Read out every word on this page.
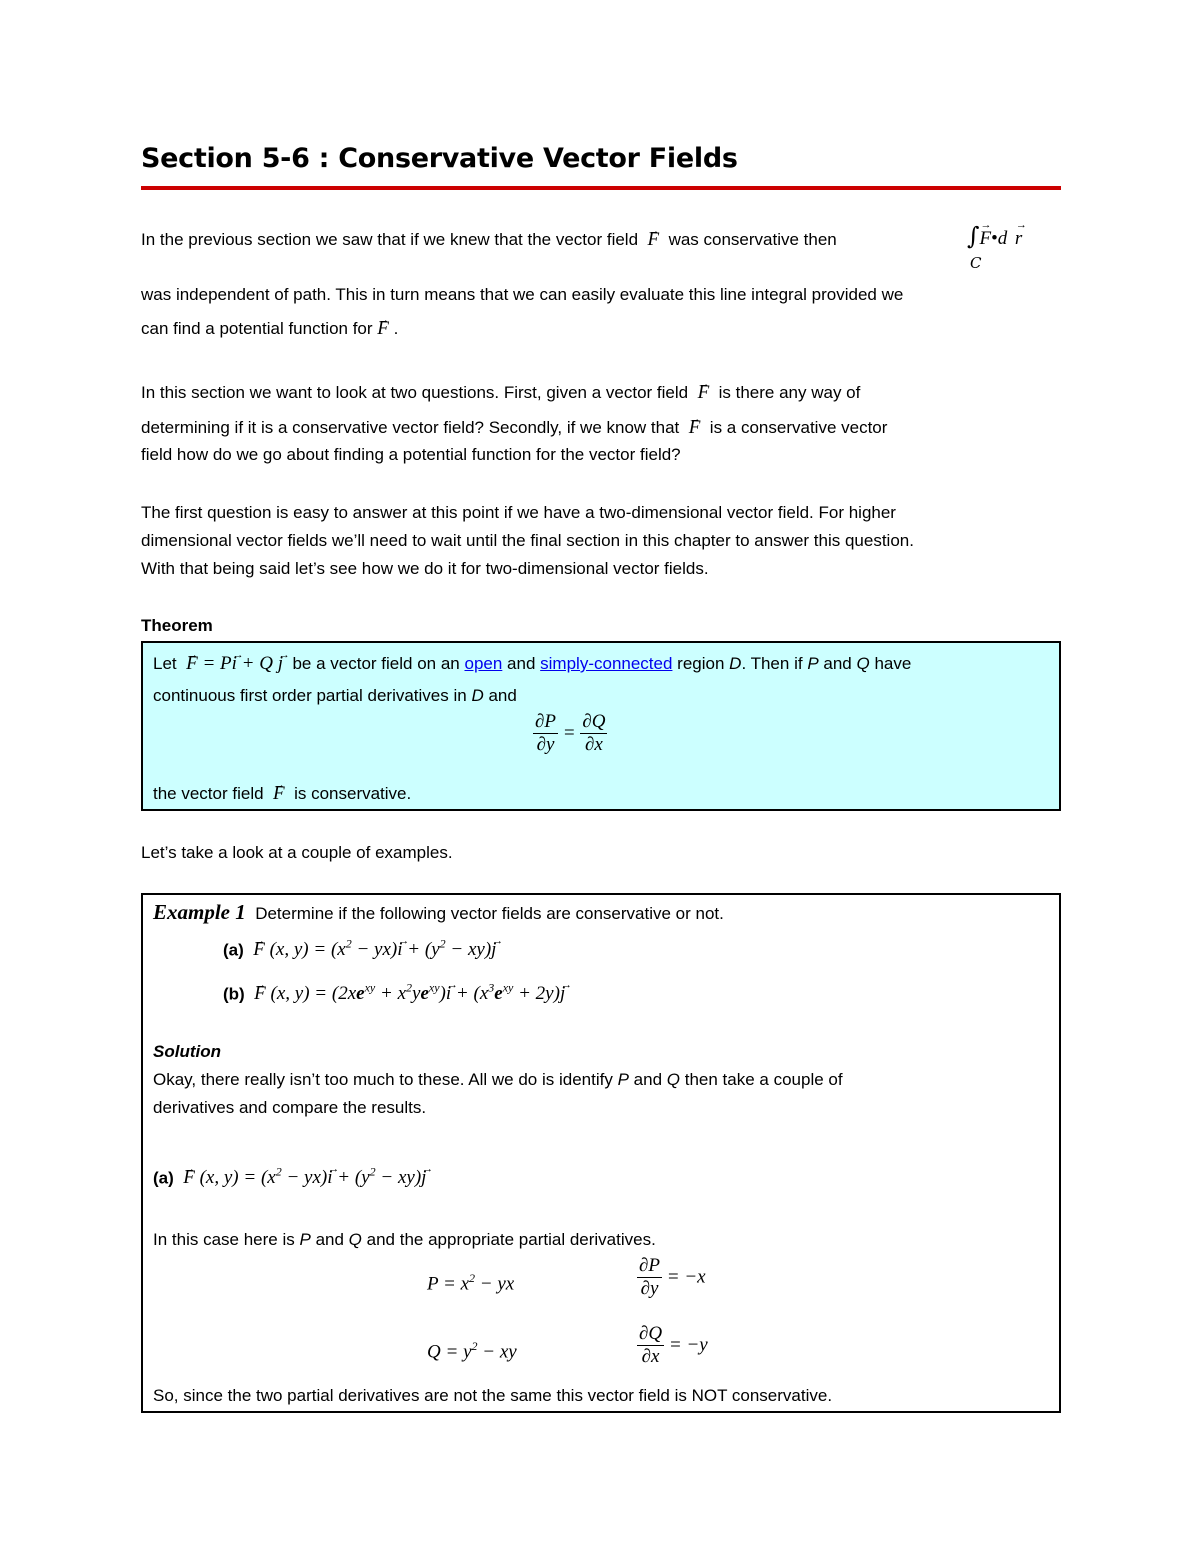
Section 5-6 : Conservative Vector Fields
In the previous section we saw that if we knew that the vector field → F was conservative then	∫→ F•d → r
C
was independent of path. This in turn means that we can easily evaluate this line integral provided we
can find a potential function for → F .
In this section we want to look at two questions. First, given a vector field → F is there any way of
determining if it is a conservative vector field? Secondly, if we know that → F is a conservative vector
field how do we go about finding a potential function for the vector field?
The first question is easy to answer at this point if we have a two-dimensional vector field. For higher
dimensional vector fields we’ll need to wait until the final section in this chapter to answer this question.
With that being said let’s see how we do it for two-dimensional vector fields.
Theorem
Let → F = P→ i + Q → j be a vector field on an open and simply-connected region D. Then if P and Q have
continuous first order partial derivatives in D and
$\frac{\partial P}{\partial y} = \frac{\partial Q}{\partial x}$
the vector field → F is conservative.
Let’s take a look at a couple of examples.
Example 1 Determine if the following vector fields are conservative or not.
(a) → F (x, $y) = (x^2 - yx)\to i + (y^2 - xy)\to j$
(b) → F (x, $y) = (2xe^{xy} + x^2ye^{xy})\to i + (x^3e^{xy} + 2y)\to j$
Solution
Okay, there really isn’t too much to these. All we do is identify P and Q then take a couple of
derivatives and compare the results.
(a) → F (x, $y) = (x^2 - yx)\to i + (y^2 - xy)\to j$
In this case here is P and Q and the appropriate partial derivatives.
$P = x^2$ − yx	$\frac{\partial P}{\partial y} = -x$
$Q = y^2$ − xy	$\frac{\partial Q}{\partial x} = -y$
So, since the two partial derivatives are not the same this vector field is NOT conservative.
